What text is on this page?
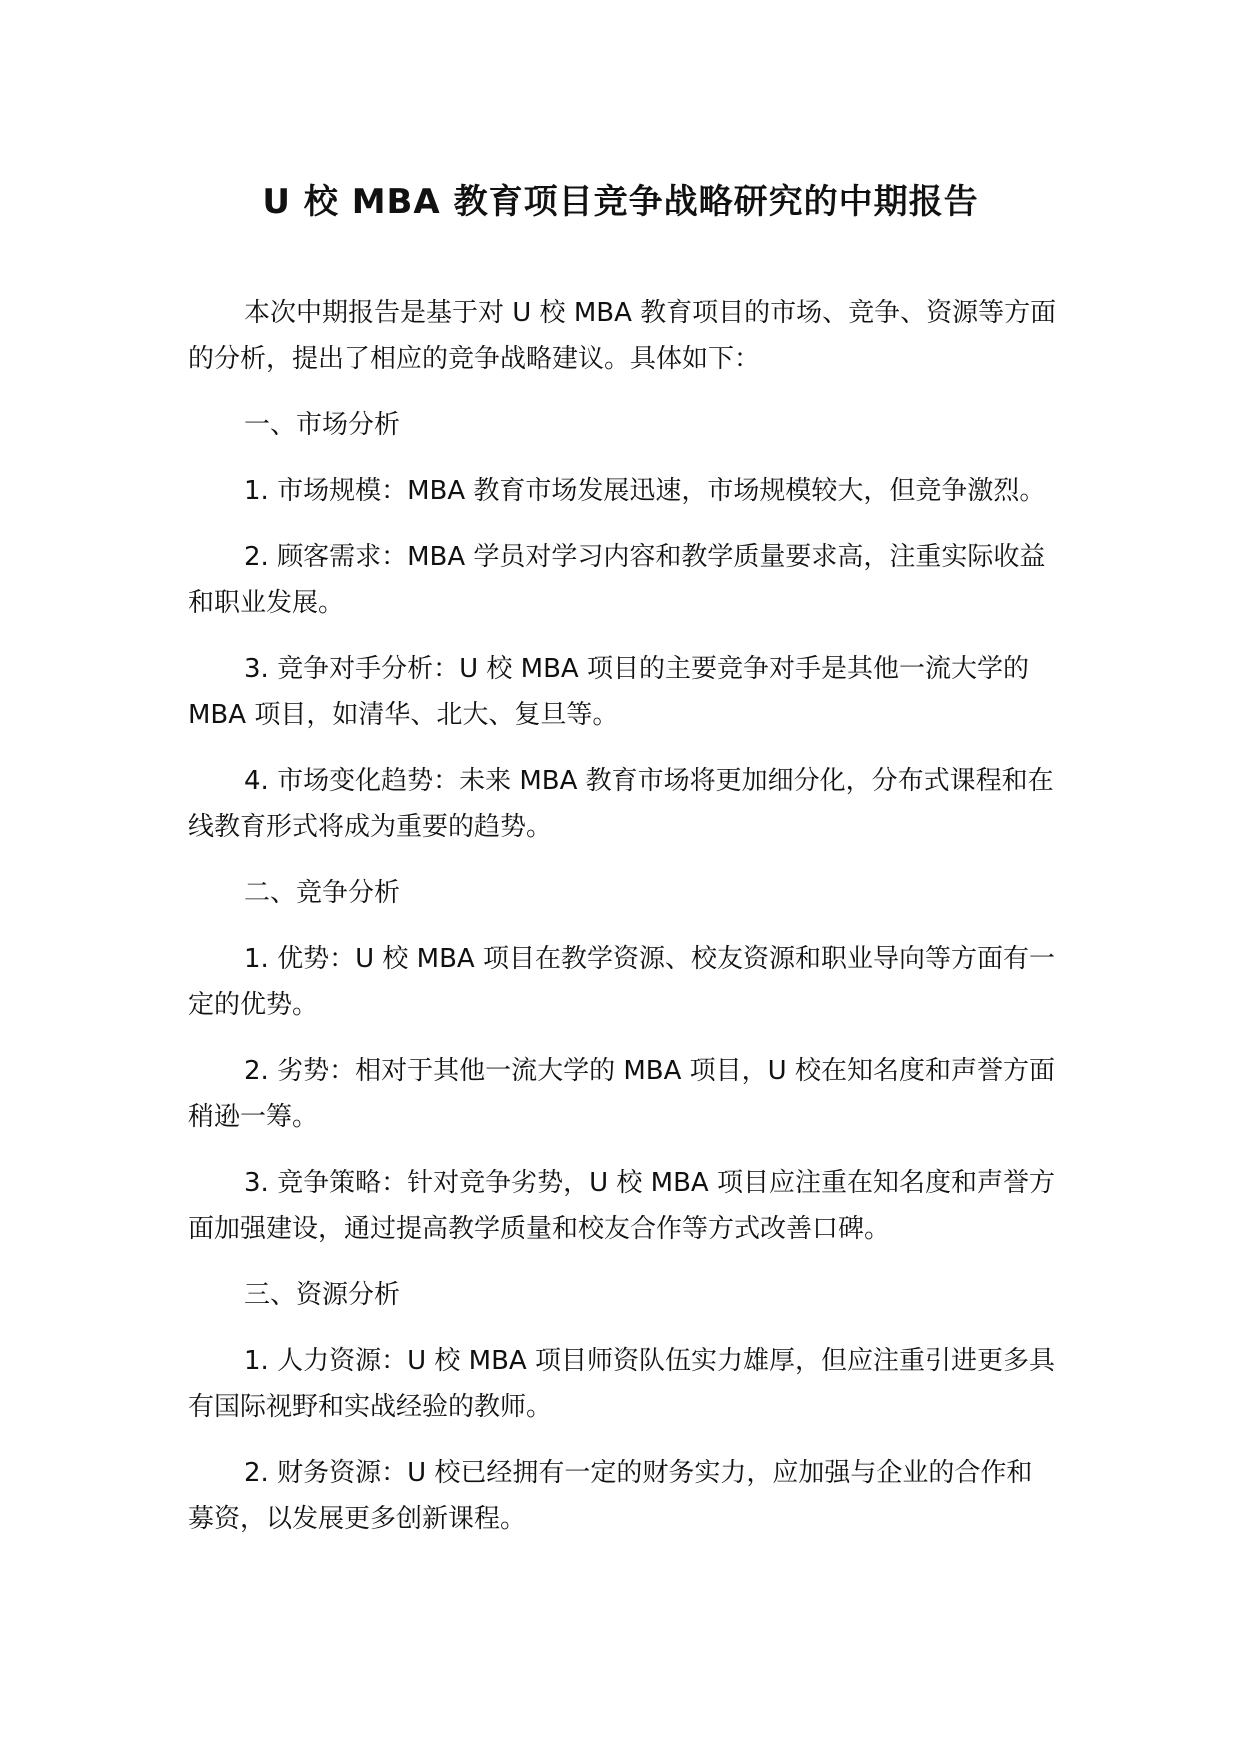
U 校 MBA 教育项目竞争战略研究的中期报告

本次中期报告是基于对 U 校 MBA 教育项目的市场、竞争、资源等方面的分析，提出了相应的竞争战略建议。具体如下：

一、市场分析

1. 市场规模：MBA 教育市场发展迅速，市场规模较大，但竞争激烈。

2. 顾客需求：MBA 学员对学习内容和教学质量要求高，注重实际收益和职业发展。

3. 竞争对手分析：U 校 MBA 项目的主要竞争对手是其他一流大学的 MBA 项目，如清华、北大、复旦等。

4. 市场变化趋势：未来 MBA 教育市场将更加细分化，分布式课程和在线教育形式将成为重要的趋势。

二、竞争分析

1. 优势：U 校 MBA 项目在教学资源、校友资源和职业导向等方面有一定的优势。

2. 劣势：相对于其他一流大学的 MBA 项目，U 校在知名度和声誉方面稍逊一筹。

3. 竞争策略：针对竞争劣势，U 校 MBA 项目应注重在知名度和声誉方面加强建设，通过提高教学质量和校友合作等方式改善口碑。

三、资源分析

1. 人力资源：U 校 MBA 项目师资队伍实力雄厚，但应注重引进更多具有国际视野和实战经验的教师。

2. 财务资源：U 校已经拥有一定的财务实力，应加强与企业的合作和募资，以发展更多创新课程。
